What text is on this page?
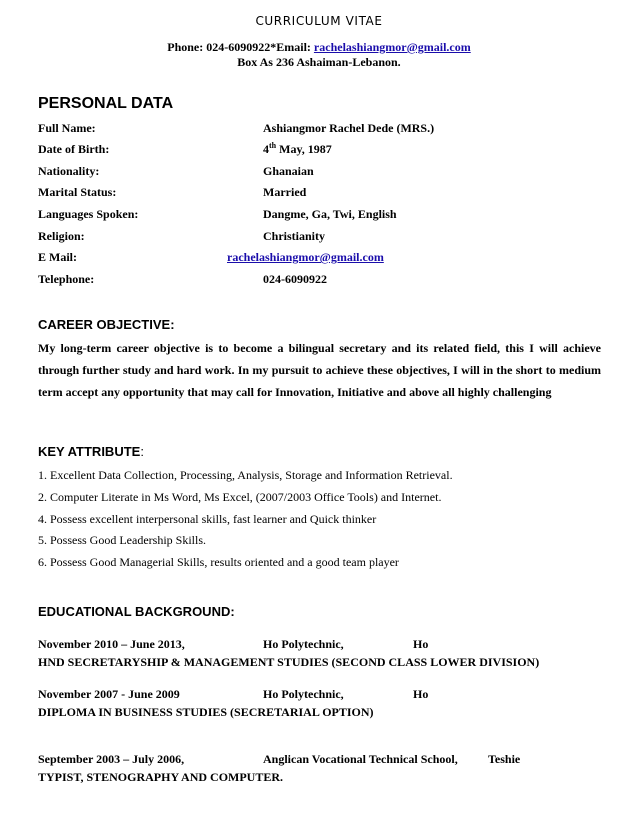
CURRICULUM VITAE
Phone: 024-6090922*Email: rachelashiangmor@gmail.com
Box As 236 Ashaiman-Lebanon.
PERSONAL DATA
Full Name:	Ashiangmor Rachel Dede (MRS.)
Date of Birth:	4th May, 1987
Nationality:	Ghanaian
Marital Status:	Married
Languages Spoken:	Dangme, Ga, Twi, English
Religion:	Christianity
E Mail:	rachelashiangmor@gmail.com
Telephone:	024-6090922
CAREER OBJECTIVE:
My long-term career objective is to become a bilingual secretary and its related field, this I will achieve through further study and hard work. In my pursuit to achieve these objectives, I will in the short to medium term accept any opportunity that may call for Innovation, Initiative and above all highly challenging
KEY ATTRIBUTE:
1. Excellent Data Collection, Processing, Analysis, Storage and Information Retrieval.
2. Computer Literate in Ms Word, Ms Excel, (2007/2003 Office Tools) and Internet.
4. Possess excellent interpersonal skills, fast learner and Quick thinker
5. Possess Good Leadership Skills.
6. Possess Good Managerial Skills, results oriented and a good team player
EDUCATIONAL BACKGROUND:
November 2010 – June 2013,	Ho Polytechnic,	Ho
HND SECRETARYSHIP & MANAGEMENT STUDIES (SECOND CLASS LOWER DIVISION)
November 2007 - June 2009	Ho Polytechnic,	Ho
DIPLOMA IN BUSINESS STUDIES (SECRETARIAL OPTION)
September 2003 – July 2006,	Anglican Vocational Technical School,	Teshie
TYPIST, STENOGRAPHY AND COMPUTER.
